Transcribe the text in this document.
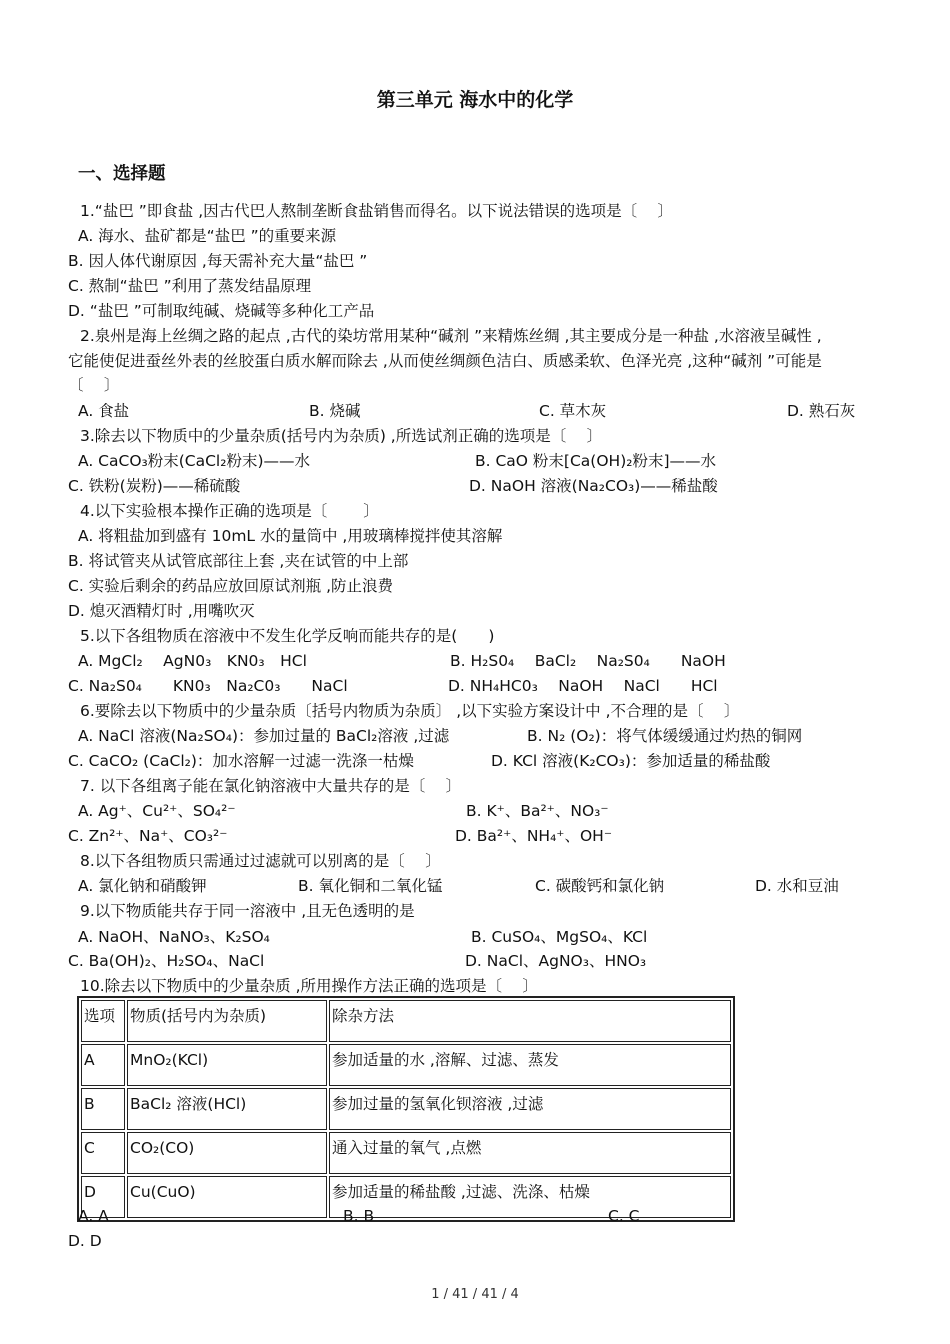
第三单元 海水中的化学
一、选择题
1.“盐巴 ”即食盐 ,因古代巴人熬制垄断食盐销售而得名。以下说法错误的选项是〔 　〕
A. 海水、盐矿都是“盐巴 ”的重要来源
B. 因人体代谢原因 ,每天需补充大量“盐巴 ”
C. 熬制“盐巴 ”利用了蒸发结晶原理
D. “盐巴 ”可制取纯碱、烧碱等多种化工产品
2.泉州是海上丝绸之路的起点 ,古代的染坊常用某种“碱剂 ”来精炼丝绸 ,其主要成分是一种盐 ,水溶液呈碱性 ,
它能使促进蚕丝外表的丝胶蛋白质水解而除去 ,从而使丝绸颜色洁白、质感柔软、色泽光亮 ,这种“碱剂 ”可能是
〔 　〕
A. 食盐	B. 烧碱	C. 草木灰	D. 熟石灰
3.除去以下物质中的少量杂质(括号内为杂质) ,所选试剂正确的选项是〔 　〕
A. CaCO₃粉末(CaCl₂粉末)——水	B. CaO 粉末[Ca(OH)₂粉末]——水
C. 铁粉(炭粉)——稀硫酸	D. NaOH 溶液(Na₂CO₃)——稀盐酸
4.以下实验根本操作正确的选项是〔 　　〕
A. 将粗盐加到盛有 10mL 水的量筒中 ,用玻璃棒搅拌使其溶解
B. 将试管夹从试管底部往上套 ,夹在试管的中上部
C. 实验后剩余的药品应放回原试剂瓶 ,防止浪费
D. 熄灭酒精灯时 ,用嘴吹灭
5.以下各组物质在溶液中不发生化学反响而能共存的是(　　)
A. MgCl₂　 AgN0₃　KN0₃　HCl	B. H₂S0₄　 BaCl₂　 Na₂S0₄　　NaOH
C. Na₂S0₄　　KN0₃　Na₂C0₃　　NaCl	D. NH₄HC0₃　 NaOH　 NaCl　　HCl
6.要除去以下物质中的少量杂质〔括号内物质为杂质〕 ,以下实验方案设计中 ,不合理的是〔 　〕
A. NaCl 溶液(Na₂SO₄)：参加过量的 BaCl₂溶液 ,过滤	B. N₂ (O₂)：将气体缓缓通过灼热的铜网
C. CaCO₂ (CaCl₂)：加水溶解一过滤一洗涤一枯燥	D. KCl 溶液(K₂CO₃)：参加适量的稀盐酸
7. 以下各组离子能在氯化钠溶液中大量共存的是〔 　〕
A. Ag⁺、Cu²⁺、SO₄²⁻	B. K⁺、Ba²⁺、NO₃⁻
C. Zn²⁺、Na⁺、CO₃²⁻	D. Ba²⁺、NH₄⁺、OH⁻
8.以下各组物质只需通过过滤就可以别离的是〔 　〕
A. 氯化钠和硝酸钾	B. 氧化铜和二氧化锰	C. 碳酸钙和氯化钠	D. 水和豆油
9.以下物质能共存于同一溶液中 ,且无色透明的是
A. NaOH、NaNO₃、K₂SO₄	B. CuSO₄、MgSO₄、KCl
C. Ba(OH)₂、H₂SO₄、NaCl	D. NaCl、AgNO₃、HNO₃
10.除去以下物质中的少量杂质 ,所用操作方法正确的选项是〔 　〕
选项	物质(括号内为杂质)	除杂方法
A	MnO₂(KCl)	参加适量的水 ,溶解、过滤、蒸发
B	BaCl₂ 溶液(HCl)	参加过量的氢氧化钡溶液 ,过滤
C	CO₂(CO)	通入过量的氧气 ,点燃
D	Cu(CuO)	参加适量的稀盐酸 ,过滤、洗涤、枯燥
A. A	B. B	C. C
D. D
1 / 41 / 41 / 4
